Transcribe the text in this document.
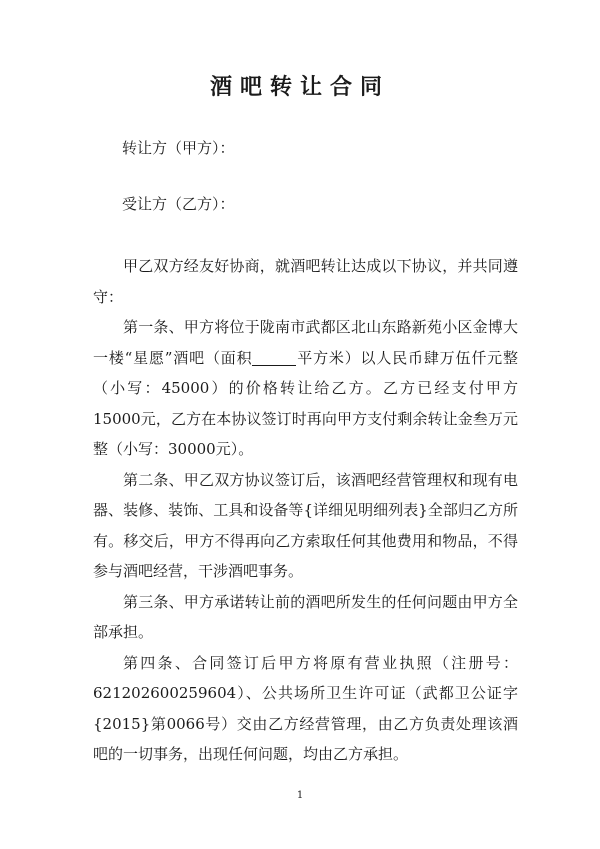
酒吧转让合同
转让方（甲方）：
受让方（乙方）：

甲乙双方经友好协商，就酒吧转让达成以下协议，并共同遵守：

第一条、甲方将位于陇南市武都区北山东路新苑小区金博大一楼“星愿”酒吧（面积	平方米）以人民币肆万伍仟元整（小写：45000）的价格转让给乙方。乙方已经支付甲方15000元，乙方在本协议签订时再向甲方支付剩余转让金叁万元整（小写：30000元）。

第二条、甲乙双方协议签订后，该酒吧经营管理权和现有电器、装修、装饰、工具和设备等{详细见明细列表}全部归乙方所有。移交后，甲方不得再向乙方索取任何其他费用和物品，不得参与酒吧经营，干涉酒吧事务。

第三条、甲方承诺转让前的酒吧所发生的任何问题由甲方全部承担。

第四条、合同签订后甲方将原有营业执照（注册号：621202600259604）、公共场所卫生许可证（武都卫公证字{2015}第0066号）交由乙方经营管理，由乙方负责处理该酒吧的一切事务，出现任何问题，均由乙方承担。

1
